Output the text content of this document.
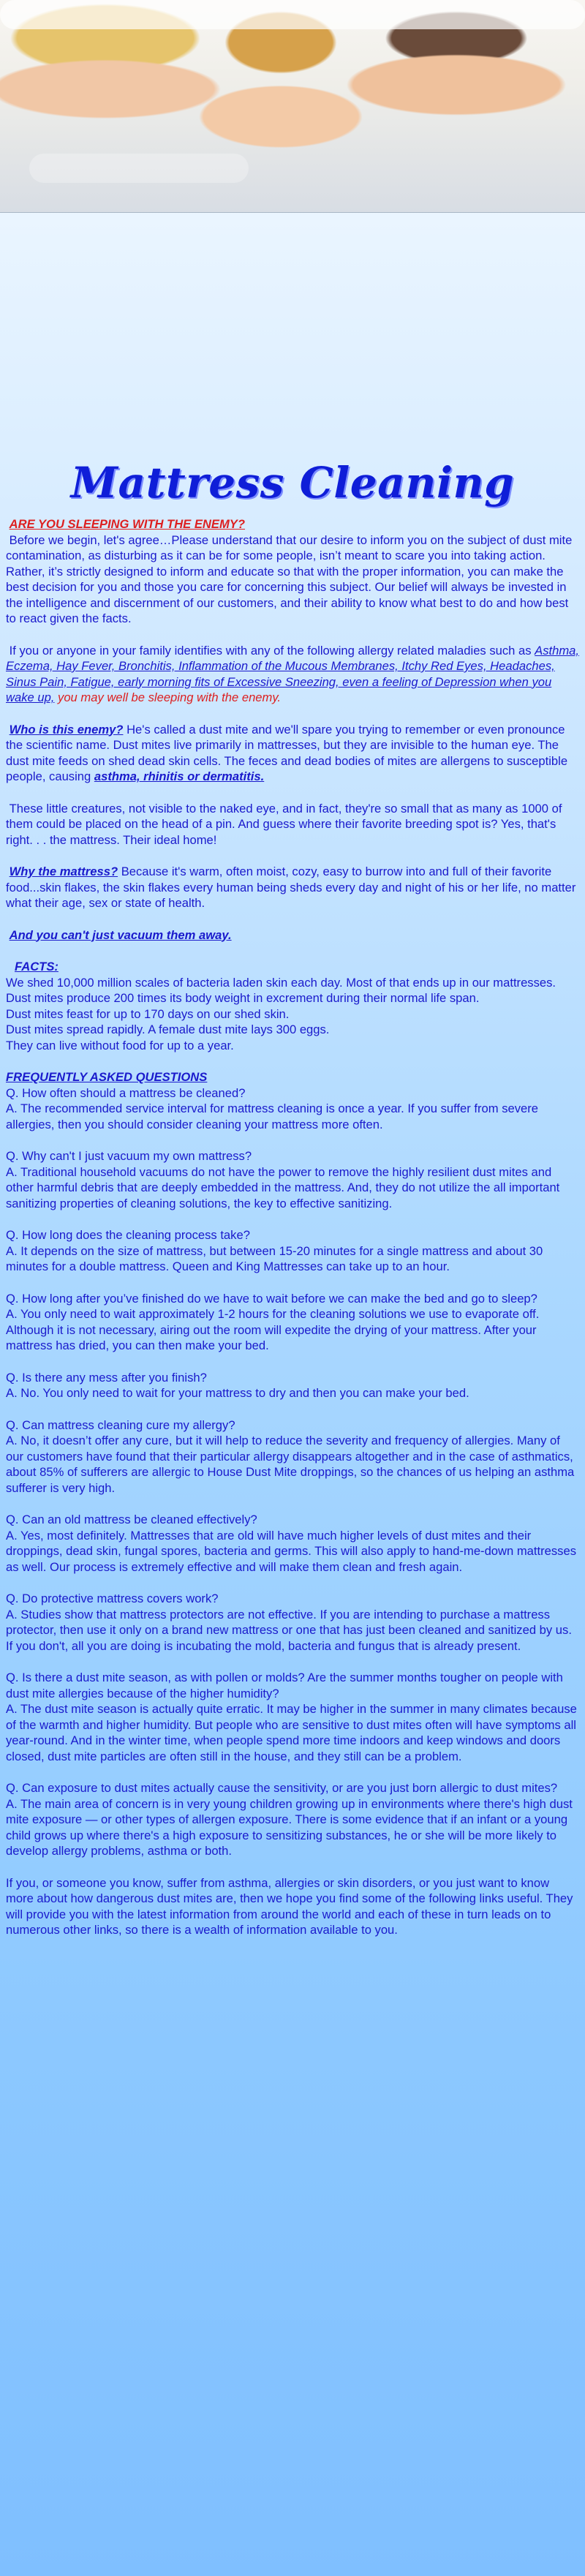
Mattress Cleaning

ARE YOU SLEEPING WITH THE ENEMY?
Before we begin, let's agree…Please understand that our desire to inform you on the subject of dust mite contamination, as disturbing as it can be for some people, isn’t meant to scare you into taking action. Rather, it’s strictly designed to inform and educate so that with the proper information, you can make the best decision for you and those you care for concerning this subject. Our belief will always be invested in the intelligence and discernment of our customers, and their ability to know what best to do and how best to react given the facts.

If you or anyone in your family identifies with any of the following allergy related maladies such as Asthma, Eczema, Hay Fever, Bronchitis, Inflammation of the Mucous Membranes, Itchy Red Eyes, Headaches, Sinus Pain, Fatigue, early morning fits of Excessive Sneezing, even a feeling of Depression when you wake up, you may well be sleeping with the enemy.

Who is this enemy? He's called a dust mite and we'll spare you trying to remember or even pronounce the scientific name. Dust mites live primarily in mattresses, but they are invisible to the human eye. The dust mite feeds on shed dead skin cells. The feces and dead bodies of mites are allergens to susceptible people, causing asthma, rhinitis or dermatitis.

These little creatures, not visible to the naked eye, and in fact, they're so small that as many as 1000 of them could be placed on the head of a pin. And guess where their favorite breeding spot is? Yes, that's right. . . the mattress. Their ideal home!

Why the mattress? Because it's warm, often moist, cozy, easy to burrow into and full of their favorite food...skin flakes, the skin flakes every human being sheds every day and night of his or her life, no matter what their age, sex or state of health.

And you can't just vacuum them away.

FACTS:
We shed 10,000 million scales of bacteria laden skin each day. Most of that ends up in our mattresses.
Dust mites produce 200 times its body weight in excrement during their normal life span.
Dust mites feast for up to 170 days on our shed skin.
Dust mites spread rapidly. A female dust mite lays 300 eggs.
They can live without food for up to a year.

FREQUENTLY ASKED QUESTIONS
Q. How often should a mattress be cleaned?
A. The recommended service interval for mattress cleaning is once a year. If you suffer from severe allergies, then you should consider cleaning your mattress more often.
Q. Why can't I just vacuum my own mattress?
A. Traditional household vacuums do not have the power to remove the highly resilient dust mites and other harmful debris that are deeply embedded in the mattress. And, they do not utilize the all important sanitizing properties of cleaning solutions, the key to effective sanitizing.
Q. How long does the cleaning process take?
A. It depends on the size of mattress, but between 15-20 minutes for a single mattress and about 30 minutes for a double mattress. Queen and King Mattresses can take up to an hour.
Q. How long after you’ve finished do we have to wait before we can make the bed and go to sleep?
A. You only need to wait approximately 1-2 hours for the cleaning solutions we use to evaporate off. Although it is not necessary, airing out the room will expedite the drying of your mattress. After your mattress has dried, you can then make your bed.
Q. Is there any mess after you finish?
A. No. You only need to wait for your mattress to dry and then you can make your bed.
Q. Can mattress cleaning cure my allergy?
A. No, it doesn’t offer any cure, but it will help to reduce the severity and frequency of allergies. Many of our customers have found that their particular allergy disappears altogether and in the case of asthmatics, about 85% of sufferers are allergic to House Dust Mite droppings, so the chances of us helping an asthma sufferer is very high.
Q. Can an old mattress be cleaned effectively?
A. Yes, most definitely. Mattresses that are old will have much higher levels of dust mites and their droppings, dead skin, fungal spores, bacteria and germs. This will also apply to hand-me-down mattresses as well. Our process is extremely effective and will make them clean and fresh again.
Q. Do protective mattress covers work?
A. Studies show that mattress protectors are not effective. If you are intending to purchase a mattress protector, then use it only on a brand new mattress or one that has just been cleaned and sanitized by us. If you don't, all you are doing is incubating the mold, bacteria and fungus that is already present.
Q. Is there a dust mite season, as with pollen or molds? Are the summer months tougher on people with dust mite allergies because of the higher humidity?
A. The dust mite season is actually quite erratic. It may be higher in the summer in many climates because of the warmth and higher humidity. But people who are sensitive to dust mites often will have symptoms all year-round. And in the winter time, when people spend more time indoors and keep windows and doors closed, dust mite particles are often still in the house, and they still can be a problem.
Q. Can exposure to dust mites actually cause the sensitivity, or are you just born allergic to dust mites?
A. The main area of concern is in very young children growing up in environments where there's high dust mite exposure — or other types of allergen exposure. There is some evidence that if an infant or a young child grows up where there's a high exposure to sensitizing substances, he or she will be more likely to develop allergy problems, asthma or both.

If you, or someone you know, suffer from asthma, allergies or skin disorders, or you just want to know more about how dangerous dust mites are, then we hope you find some of the following links useful. They will provide you with the latest information from around the world and each of these in turn leads on to numerous other links, so there is a wealth of information available to you.
